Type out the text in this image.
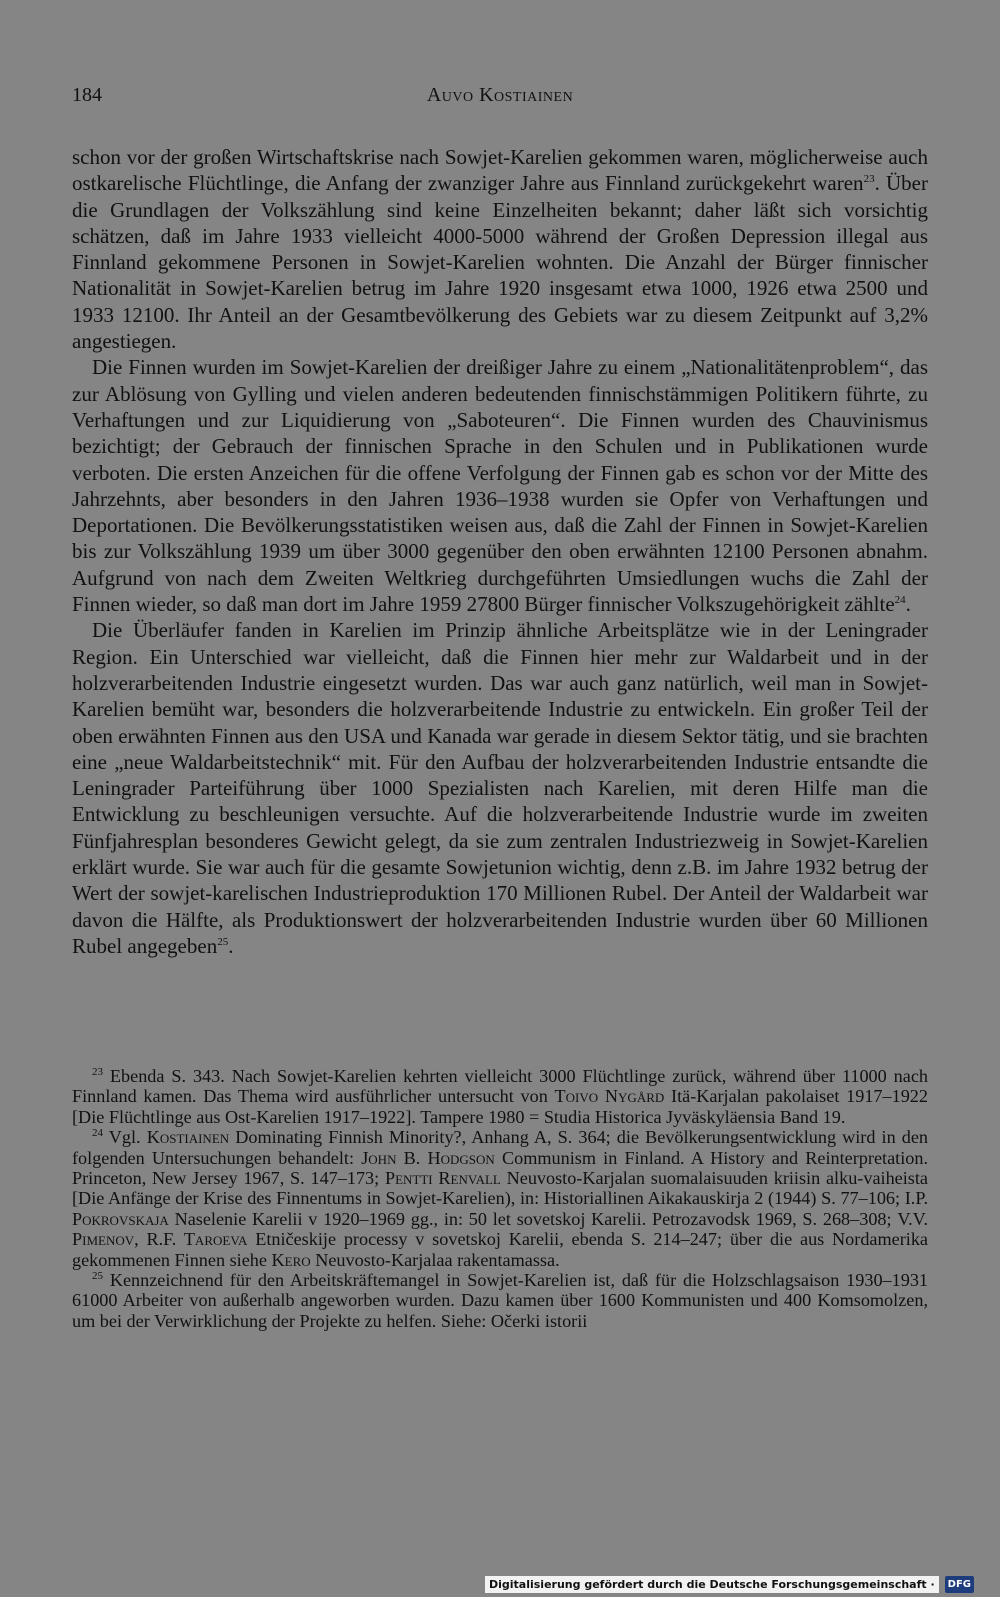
184	Auvo Kostiainen

schon vor der großen Wirtschaftskrise nach Sowjet-Karelien gekommen waren, möglicherweise auch ostkarelische Flüchtlinge, die Anfang der zwanziger Jahre aus Finnland zurückgekehrt waren$^{23}$. Über die Grundlagen der Volkszählung sind keine Einzelheiten bekannt; daher läßt sich vorsichtig schätzen, daß im Jahre 1933 vielleicht 4000-5000 während der Großen Depression illegal aus Finnland gekommene Personen in Sowjet-Karelien wohnten. Die Anzahl der Bürger finnischer Nationalität in Sowjet-Karelien betrug im Jahre 1920 insgesamt etwa 1000, 1926 etwa 2500 und 1933 12100. Ihr Anteil an der Gesamtbevölkerung des Gebiets war zu diesem Zeitpunkt auf 3,2% angestiegen.

Die Finnen wurden im Sowjet-Karelien der dreißiger Jahre zu einem „Nationalitätenproblem“, das zur Ablösung von Gylling und vielen anderen bedeutenden finnischstämmigen Politikern führte, zu Verhaftungen und zur Liquidierung von „Saboteuren“. Die Finnen wurden des Chauvinismus bezichtigt; der Gebrauch der finnischen Sprache in den Schulen und in Publikationen wurde verboten. Die ersten Anzeichen für die offene Verfolgung der Finnen gab es schon vor der Mitte des Jahrzehnts, aber besonders in den Jahren 1936–1938 wurden sie Opfer von Verhaftungen und Deportationen. Die Bevölkerungsstatistiken weisen aus, daß die Zahl der Finnen in Sowjet-Karelien bis zur Volkszählung 1939 um über 3000 gegenüber den oben erwähnten 12100 Personen abnahm. Aufgrund von nach dem Zweiten Weltkrieg durchgeführten Umsiedlungen wuchs die Zahl der Finnen wieder, so daß man dort im Jahre 1959 27800 Bürger finnischer Volkszugehörigkeit zählte$^{24}$.

Die Überläufer fanden in Karelien im Prinzip ähnliche Arbeitsplätze wie in der Leningrader Region. Ein Unterschied war vielleicht, daß die Finnen hier mehr zur Waldarbeit und in der holzverarbeitenden Industrie eingesetzt wurden. Das war auch ganz natürlich, weil man in Sowjet-Karelien bemüht war, besonders die holzverarbeitende Industrie zu entwickeln. Ein großer Teil der oben erwähnten Finnen aus den USA und Kanada war gerade in diesem Sektor tätig, und sie brachten eine „neue Waldarbeitstechnik“ mit. Für den Aufbau der holzverarbeitenden Industrie entsandte die Leningrader Parteiführung über 1000 Spezialisten nach Karelien, mit deren Hilfe man die Entwicklung zu beschleunigen versuchte. Auf die holzverarbeitende Industrie wurde im zweiten Fünfjahresplan besonderes Gewicht gelegt, da sie zum zentralen Industriezweig in Sowjet-Karelien erklärt wurde. Sie war auch für die gesamte Sowjetunion wichtig, denn z.B. im Jahre 1932 betrug der Wert der sowjet-karelischen Industrieproduktion 170 Millionen Rubel. Der Anteil der Waldarbeit war davon die Hälfte, als Produktionswert der holzverarbeitenden Industrie wurden über 60 Millionen Rubel angegeben$^{25}$.

$^{23}$ Ebenda S. 343. Nach Sowjet-Karelien kehrten vielleicht 3000 Flüchtlinge zurück, während über 11000 nach Finnland kamen. Das Thema wird ausführlicher untersucht von Toivo Nygård Itä-Karjalan pakolaiset 1917–1922 [Die Flüchtlinge aus Ost-Karelien 1917–1922]. Tampere 1980 = Studia Historica Jyväskyläensia Band 19.

$^{24}$ Vgl. Kostiainen Dominating Finnish Minority?, Anhang A, S. 364; die Bevölkerungsentwicklung wird in den folgenden Untersuchungen behandelt: John B. Hodgson Communism in Finland. A History and Reinterpretation. Princeton, New Jersey 1967, S. 147–173; Pentti Renvall Neuvosto-Karjalan suomalaisuuden kriisin alku-vaiheista [Die Anfänge der Krise des Finnentums in Sowjet-Karelien), in: Historiallinen Aikakauskirja 2 (1944) S. 77–106; I.P. Pokrovskaja Naselenie Karelii v 1920–1969 gg., in: 50 let sovetskoj Karelii. Petrozavodsk 1969, S. 268–308; V.V. Pimenov, R.F. Taroeva Etničeskije processy v sovetskoj Karelii, ebenda S. 214–247; über die aus Nordamerika gekommenen Finnen siehe Kero Neuvosto-Karjalaa rakentamassa.

$^{25}$ Kennzeichnend für den Arbeitskräftemangel in Sowjet-Karelien ist, daß für die Holzschlagsaison 1930–1931 61000 Arbeiter von außerhalb angeworben wurden. Dazu kamen über 1600 Kommunisten und 400 Komsomolzen, um bei der Verwirklichung der Projekte zu helfen. Siehe: Očerki istorii

Digitalisierung gefördert durch die Deutsche Forschungsgemeinschaft ·	DFG
